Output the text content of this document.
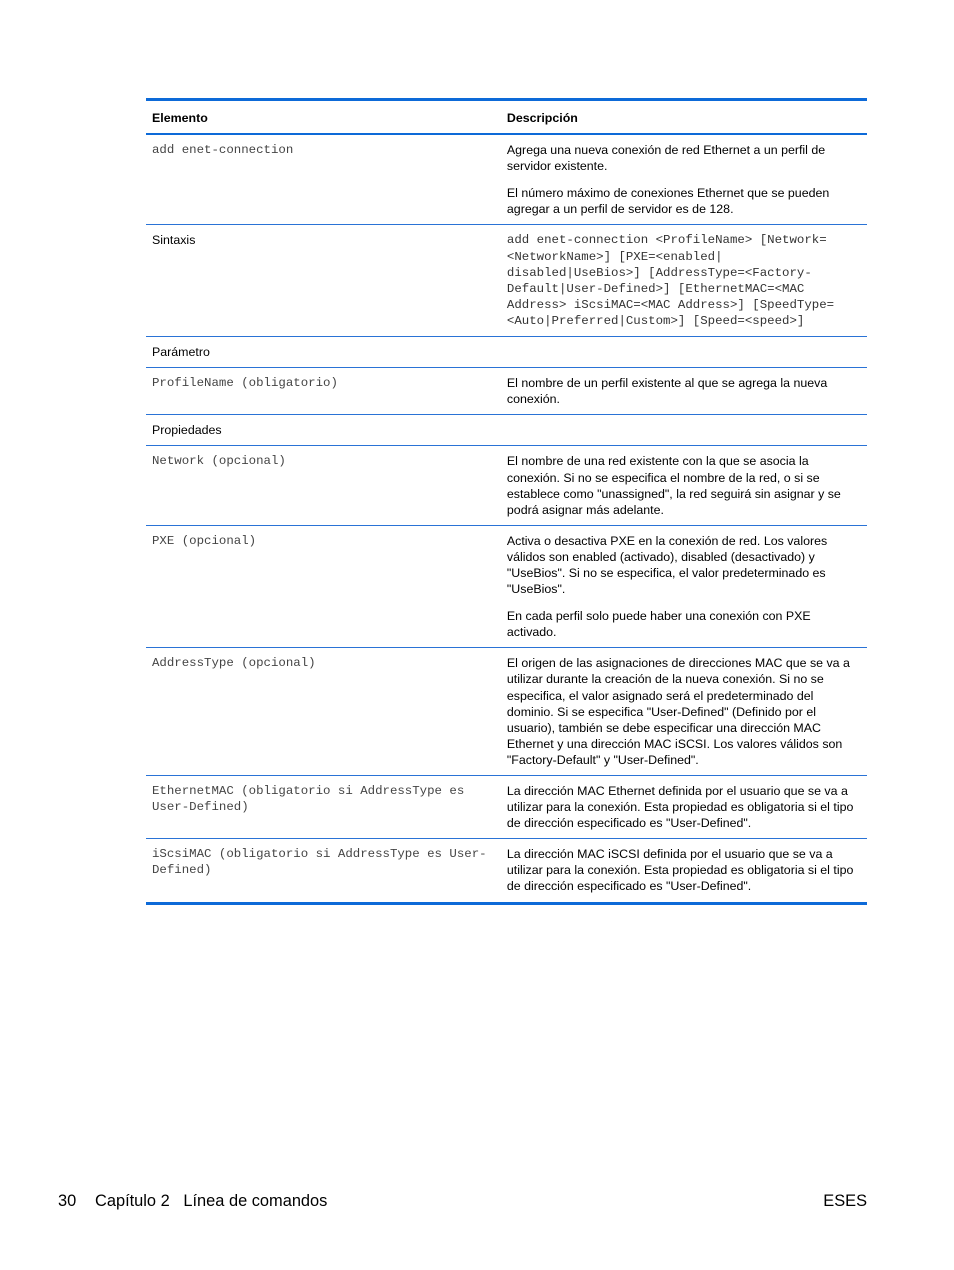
Elemento	Descripción
add enet-connection	Agrega una nueva conexión de red Ethernet a un perfil de servidor existente.

El número máximo de conexiones Ethernet que se pueden agregar a un perfil de servidor es de 128.

Sintaxis	add enet-connection <ProfileName> [Network=<NetworkName>] [PXE=<enabled| disabled|UseBios>] [AddressType=<Factory-Default|User-Defined>] [EthernetMAC=<MAC Address> iScsiMAC=<MAC Address>] [SpeedType=<Auto|Preferred|Custom>] [Speed=<speed>]
Parámetro	
ProfileName (obligatorio)	El nombre de un perfil existente al que se agrega la nueva conexión.
Propiedades	
Network (opcional)	El nombre de una red existente con la que se asocia la conexión. Si no se especifica el nombre de la red, o si se establece como "unassigned", la red seguirá sin asignar y se podrá asignar más adelante.
PXE (opcional)	Activa o desactiva PXE en la conexión de red. Los valores válidos son enabled (activado), disabled (desactivado) y "UseBios". Si no se especifica, el valor predeterminado es "UseBios".

En cada perfil solo puede haber una conexión con PXE activado.

AddressType (opcional)	El origen de las asignaciones de direcciones MAC que se va a utilizar durante la creación de la nueva conexión. Si no se especifica, el valor asignado será el predeterminado del dominio. Si se especifica "User-Defined" (Definido por el usuario), también se debe especificar una dirección MAC Ethernet y una dirección MAC iSCSI. Los valores válidos son "Factory-Default" y "User-Defined".
EthernetMAC (obligatorio si AddressType es User-Defined)	La dirección MAC Ethernet definida por el usuario que se va a utilizar para la conexión. Esta propiedad es obligatoria si el tipo de dirección especificado es "User-Defined".
iScsiMAC (obligatorio si AddressType es User-Defined)	La dirección MAC iSCSI definida por el usuario que se va a utilizar para la conexión. Esta propiedad es obligatoria si el tipo de dirección especificado es "User-Defined".
30 Capítulo 2   Línea de comandos	ESES
